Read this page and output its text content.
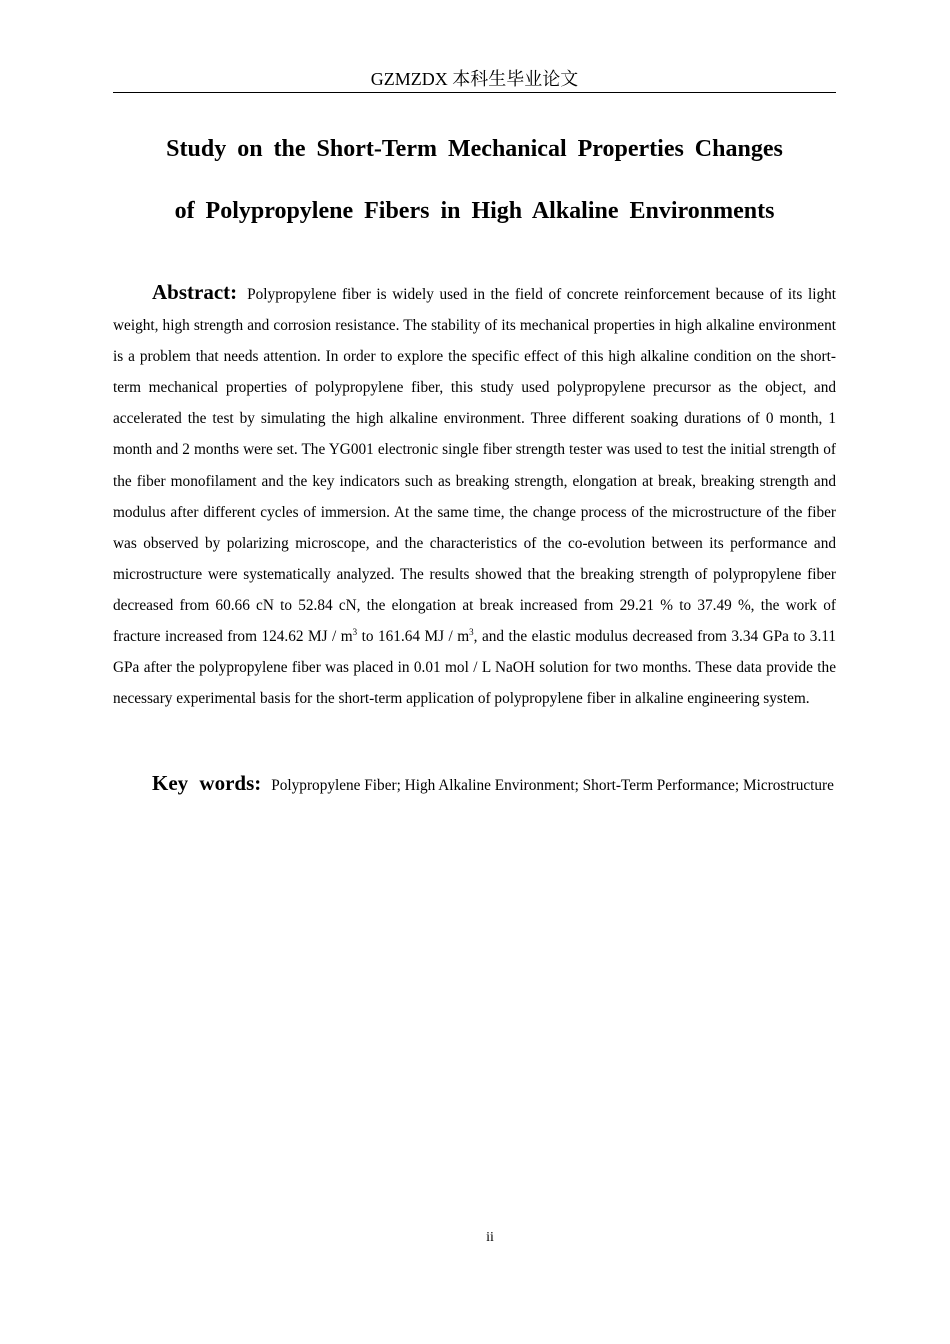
GZMZDX 本科生毕业论文
Study on the Short-Term Mechanical Properties Changes
of Polypropylene Fibers in High Alkaline Environments

Abstract: Polypropylene fiber is widely used in the field of concrete reinforcement because of its light weight, high strength and corrosion resistance. The stability of its mechanical properties in high alkaline environment is a problem that needs attention. In order to explore the specific effect of this high alkaline condition on the short-term mechanical properties of polypropylene fiber, this study used polypropylene precursor as the object, and accelerated the test by simulating the high alkaline environment. Three different soaking durations of 0 month, 1 month and 2 months were set. The YG001 electronic single fiber strength tester was used to test the initial strength of the fiber monofilament and the key indicators such as breaking strength, elongation at break, breaking strength and modulus after different cycles of immersion. At the same time, the change process of the microstructure of the fiber was observed by polarizing microscope, and the characteristics of the co-evolution between its performance and microstructure were systematically analyzed. The results showed that the breaking strength of polypropylene fiber decreased from 60.66 cN to 52.84 cN, the elongation at break increased from 29.21 % to 37.49 %, the work of fracture increased from 124.62 MJ / $m^3$ to 161.64 MJ / $m^3$, and the elastic modulus decreased from 3.34 GPa to 3.11 GPa after the polypropylene fiber was placed in 0.01 mol / L NaOH solution for two months. These data provide the necessary experimental basis for the short-term application of polypropylene fiber in alkaline engineering system.

Key words: Polypropylene Fiber; High Alkaline Environment; Short-Term Performance; Microstructure

ii
